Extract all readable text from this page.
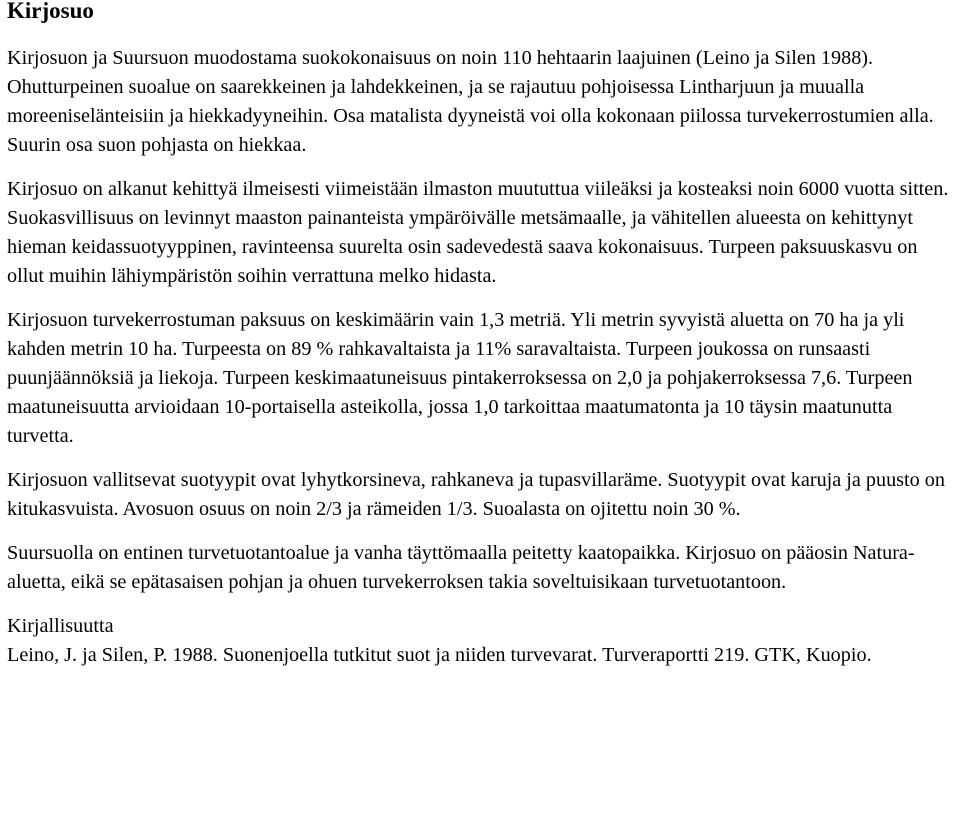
Kirjosuo

Kirjosuon ja Suursuon muodostama suokokonaisuus on noin 110 hehtaarin laajuinen (Leino ja Silen 1988). Ohutturpeinen suoalue on saarekkeinen ja lahdekkeinen, ja se rajautuu pohjoisessa Lintharjuun ja muualla moreeniselänteisiin ja hiekkadyyneihin. Osa matalista dyyneistä voi olla kokonaan piilossa turvekerrostumien alla. Suurin osa suon pohjasta on hiekkaa.

Kirjosuo on alkanut kehittyä ilmeisesti viimeistään ilmaston muututtua viileäksi ja kosteaksi noin 6000 vuotta sitten. Suokasvillisuus on levinnyt maaston painanteista ympäröivälle metsämaalle, ja vähitellen alueesta on kehittynyt hieman keidassuotyyppinen, ravinteensa suurelta osin sadevedestä saava kokonaisuus. Turpeen paksuuskasvu on ollut muihin lähiympäristön soihin verrattuna melko hidasta.

Kirjosuon turvekerrostuman paksuus on keskimäärin vain 1,3 metriä. Yli metrin syvyistä aluetta on 70 ha ja yli kahden metrin 10 ha. Turpeesta on 89 % rahkavaltaista ja 11% saravaltaista. Turpeen joukossa on runsaasti puunjäännöksiä ja liekoja. Turpeen keskimaatuneisuus pintakerroksessa on 2,0 ja pohjakerroksessa 7,6. Turpeen maatuneisuutta arvioidaan 10-portaisella asteikolla, jossa 1,0 tarkoittaa maatumatonta ja 10 täysin maatunutta turvetta.

Kirjosuon vallitsevat suotyypit ovat lyhytkorsineva, rahkaneva ja tupasvillaräme. Suotyypit ovat karuja ja puusto on kitukasvuista. Avosuon osuus on noin 2/3 ja rämeiden 1/3. Suoalasta on ojitettu noin 30 %.

Suursuolla on entinen turvetuotantoalue ja vanha täyttömaalla peitetty kaatopaikka. Kirjosuo on pääosin Natura-aluetta, eikä se epätasaisen pohjan ja ohuen turvekerroksen takia soveltuisikaan turvetuotantoon.

Kirjallisuutta

Leino, J. ja Silen, P. 1988. Suonenjoella tutkitut suot ja niiden turvevarat. Turveraportti 219. GTK, Kuopio.
